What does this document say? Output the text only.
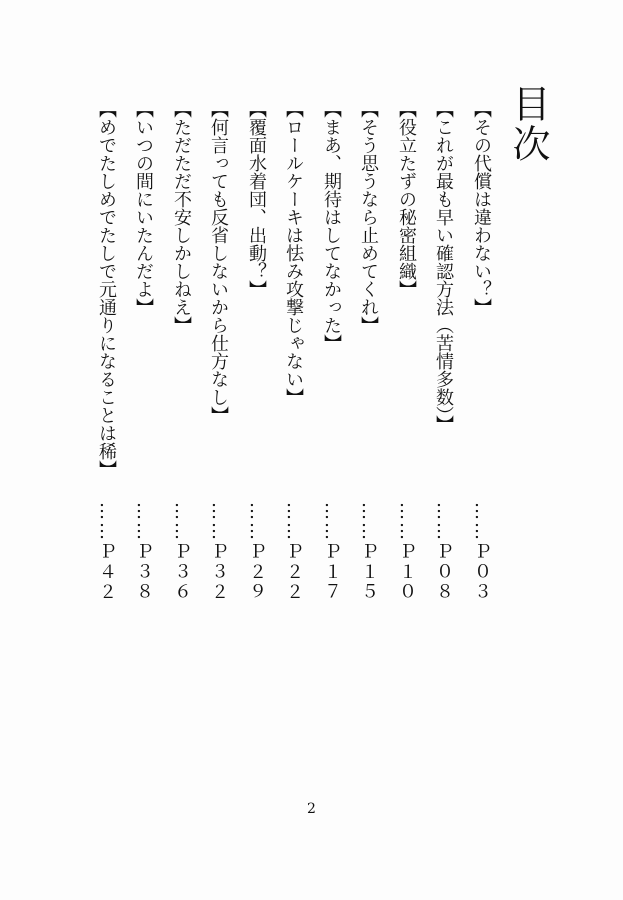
目次
【その代償は違わない？】
……Ｐ０３
【これが最も早い確認方法（苦情多数）】
……Ｐ０８
【役立たずの秘密組織】
……Ｐ１０
【そう思うなら止めてくれ】
……Ｐ１５
【まあ、期待はしてなかった】
……Ｐ１７
【ロールケーキは怯み攻撃じゃない】
……Ｐ２２
【覆面水着団、出動？】
……Ｐ２９
【何言っても反省しないから仕方なし】
……Ｐ３２
【ただただ不安しかしねえ】
……Ｐ３６
【いつの間にいたんだよ】
……Ｐ３８
【めでたしめでたしで元通りになることは稀】
……Ｐ４２
2
